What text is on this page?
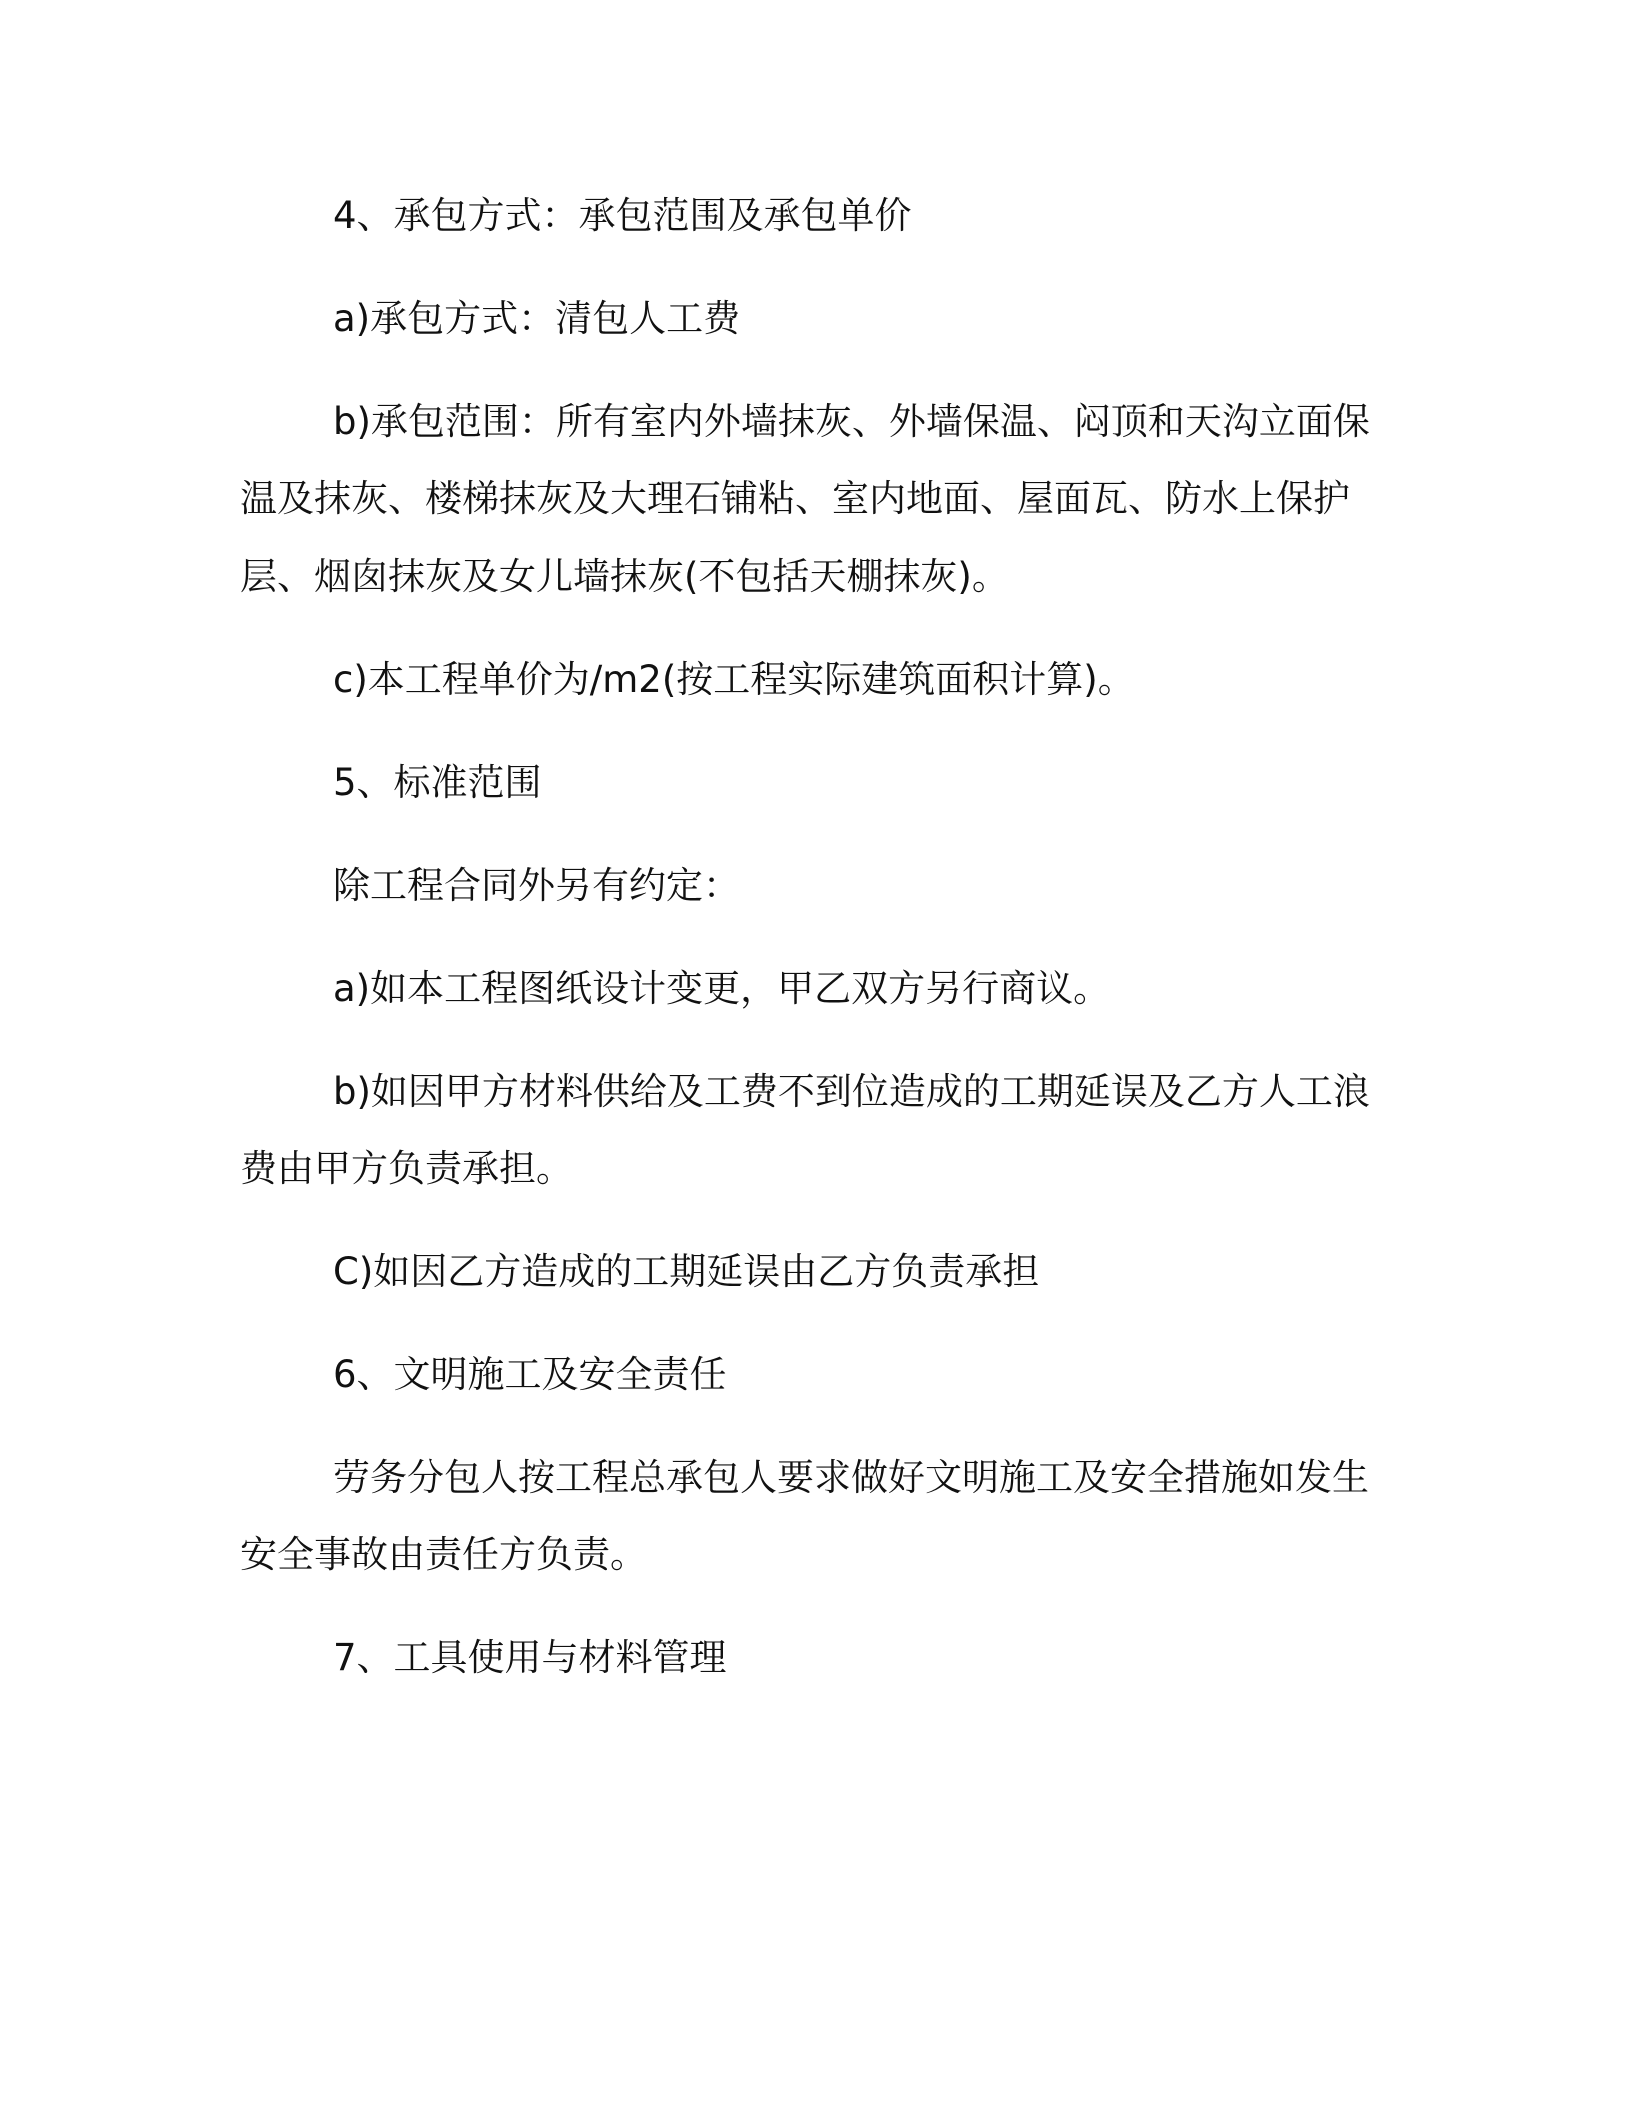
4、承包方式：承包范围及承包单价
a)承包方式：清包人工费
b)承包范围：所有室内外墙抹灰、外墙保温、闷顶和天沟立面保
温及抹灰、楼梯抹灰及大理石铺粘、室内地面、屋面瓦、防水上保护
层、烟囱抹灰及女儿墙抹灰(不包括天棚抹灰)。
c)本工程单价为/m2(按工程实际建筑面积计算)。
5、标准范围
除工程合同外另有约定：
a)如本工程图纸设计变更，甲乙双方另行商议。
b)如因甲方材料供给及工费不到位造成的工期延误及乙方人工浪
费由甲方负责承担。
C)如因乙方造成的工期延误由乙方负责承担
6、文明施工及安全责任
劳务分包人按工程总承包人要求做好文明施工及安全措施如发生
安全事故由责任方负责。
7、工具使用与材料管理
